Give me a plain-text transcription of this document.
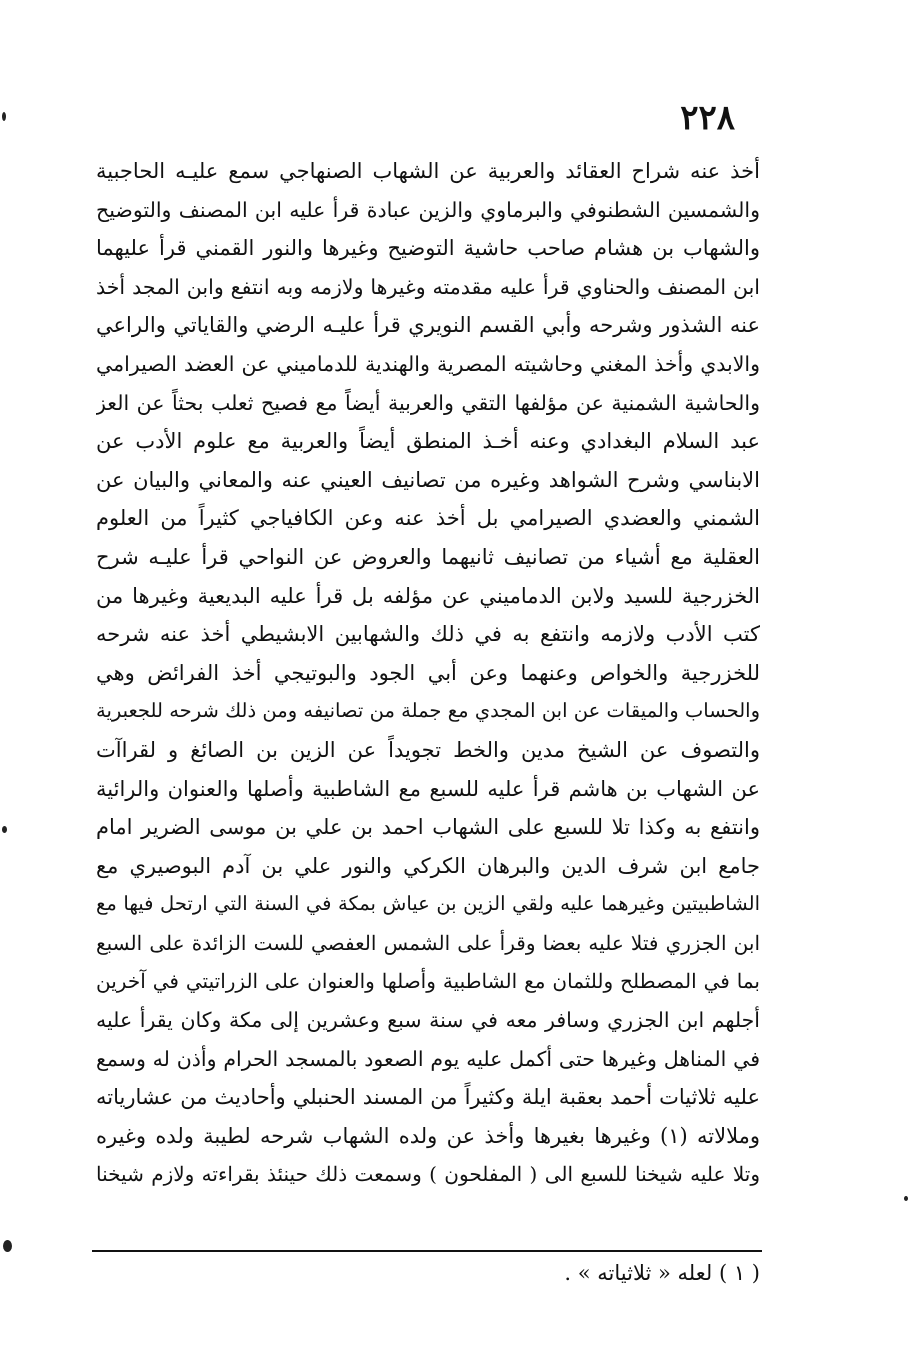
٢٢٨
أخذ عنه شراح العقائد والعربية عن الشهاب الصنهاجي سمع عليـه الحاجبية
والشمسين الشطنوفي والبرماوي والزين عبادة قرأ عليه ابن المصنف والتوضيح
والشهاب بن هشام صاحب حاشية التوضيح وغيرها والنور القمني قرأ عليهما
ابن المصنف والحناوي قرأ عليه مقدمته وغيرها ولازمه وبه انتفع وابن المجد أخذ
عنه الشذور وشرحه وأبي القسم النويري قرأ عليـه الرضي والقاياتي والراعي
والابدي وأخذ المغني وحاشيته المصرية والهندية للدماميني عن العضد الصيرامي
والحاشية الشمنية عن مؤلفها التقي والعربية أيضاً مع فصيح ثعلب بحثاً عن العز
عبد السلام البغدادي وعنه أخـذ المنطق أيضاً والعربية مع علوم الأدب عن
الابناسي وشرح الشواهد وغيره من تصانيف العيني عنه والمعاني والبيان عن
الشمني والعضدي الصيرامي بل أخذ عنه وعن الكافياجي كثيراً من العلوم
العقلية مع أشياء من تصانيف ثانيهما والعروض عن النواحي قرأ عليـه شرح
الخزرجية للسيد ولابن الدماميني عن مؤلفه بل قرأ عليه البديعية وغيرها من
كتب الأدب ولازمه وانتفع به في ذلك والشهابين الابشيطي أخذ عنه شرحه
للخزرجية والخواص وعنهما وعن أبي الجود والبوتيجي أخذ الفرائض وهي
والحساب والميقات عن ابن المجدي مع جملة من تصانيفه ومن ذلك شرحه للجعبرية
والتصوف عن الشيخ مدين والخط تجويداً عن الزين بن الصائغ و لقراآت
عن الشهاب بن هاشم قرأ عليه للسبع مع الشاطبية وأصلها والعنوان والرائية
وانتفع به وكذا تلا للسبع على الشهاب احمد بن علي بن موسى الضرير امام
جامع ابن شرف الدين والبرهان الكركي والنور علي بن آدم البوصيري مع
الشاطبيتين وغيرهما عليه ولقي الزين بن عياش بمكة في السنة التي ارتحل فيها مع
ابن الجزري فتلا عليه بعضا وقرأ على الشمس العفصي للست الزائدة على السبع
بما في المصطلح وللثمان مع الشاطبية وأصلها والعنوان على الزراتيتي في آخرين
أجلهم ابن الجزري وسافر معه في سنة سبع وعشرين إلى مكة وكان يقرأ عليه
في المناهل وغيرها حتى أكمل عليه يوم الصعود بالمسجد الحرام وأذن له وسمع
عليه ثلاثيات أحمد بعقبة ايلة وكثيراً من المسند الحنبلي وأحاديث من عشارياته
وملالاته (١) وغيرها بغيرها وأخذ عن ولده الشهاب شرحه لطيبة ولده وغيره
وتلا عليه شيخنا للسبع الى ( المفلحون ) وسمعت ذلك حينئذ بقراءته ولازم شيخنا
( ١ ) لعله « ثلاثياته » .
